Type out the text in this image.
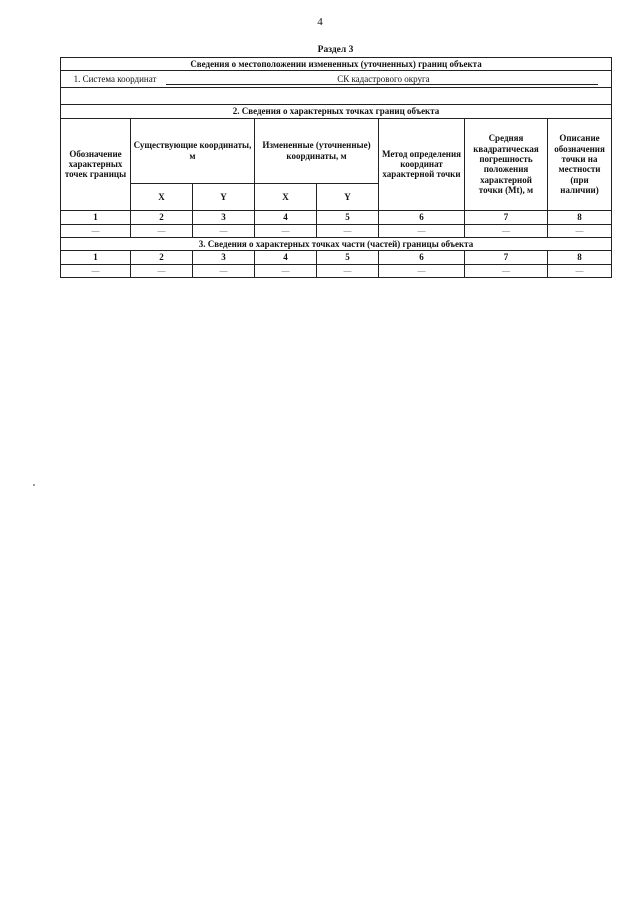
4
Раздел 3
Сведения о местоположении измененных (уточненных) границ объекта							
1. Система координат СК кадастрового округа							

2. Сведения о характерных точках границ объекта							
Обозначение характерных точек границы	Существующие координаты, м		Измененные (уточненные) координаты, м		Метод определения координат характерной точки	Средняя квадратическая погрешность положения характерной точки (Mt), м	Описание обозначения точки на местности (при наличии)
	X	Y	X	Y			
1	2	3	4	5	6	7	8
—	—	—	—	—	—	—	—
3. Сведения о характерных точках части (частей) границы объекта							
1	2	3	4	5	6	7	8
—	—	—	—	—	—	—	—
